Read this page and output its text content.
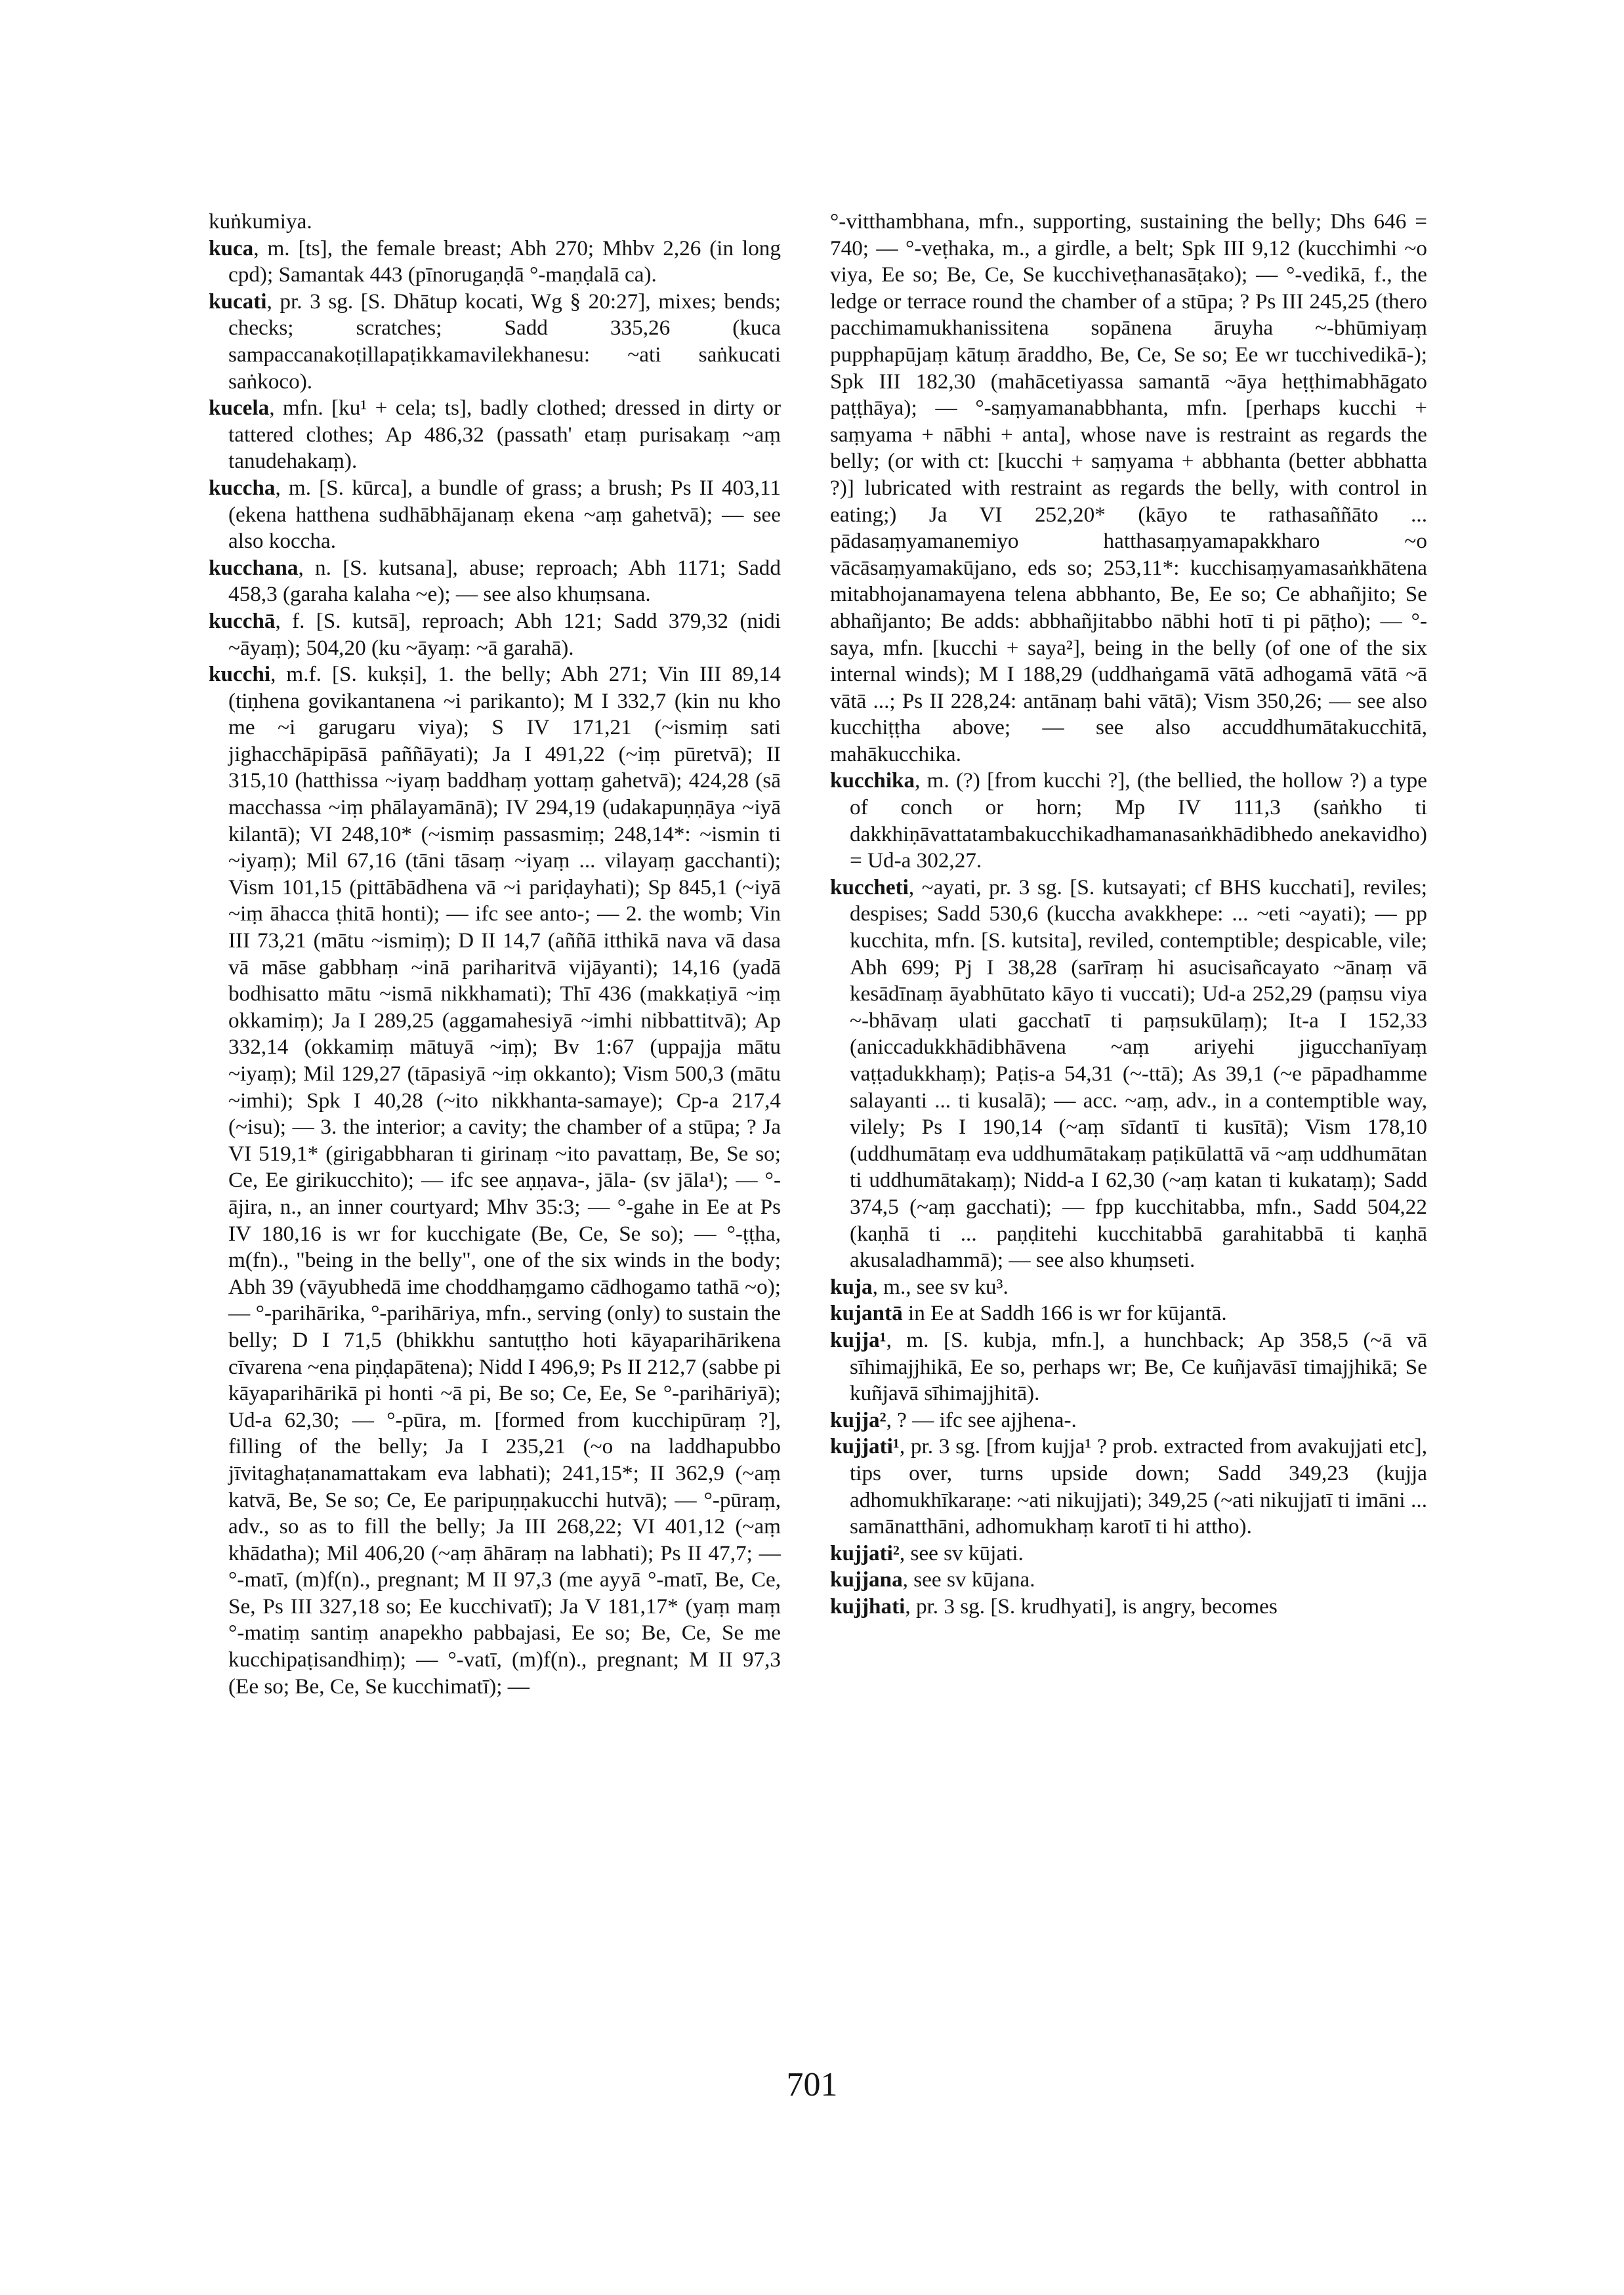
kuṅkumiya.

kuca, m. [ts], the female breast; Abh 270; Mhbv 2,26 (in long cpd); Samantak 443 (pīnorugaṇḍā °-maṇḍalā ca).

kucati, pr. 3 sg. [S. Dhātup kocati, Wg § 20:27], mixes; bends; checks; scratches; Sadd 335,26 (kuca sampaccanakoṭillapaṭikkamavilekhanesu: ~ati saṅkucati saṅkoco).

kucela, mfn. [ku¹ + cela; ts], badly clothed; dressed in dirty or tattered clothes; Ap 486,32 (passath' etaṃ purisakaṃ ~aṃ tanudehakaṃ).

kuccha, m. [S. kūrca], a bundle of grass; a brush; Ps II 403,11 (ekena hatthena sudhābhājanaṃ ekena ~aṃ gahetvā); — see also koccha.

kucchana, n. [S. kutsana], abuse; reproach; Abh 1171; Sadd 458,3 (garaha kalaha ~e); — see also khuṃsana.

kucchā, f. [S. kutsā], reproach; Abh 121; Sadd 379,32 (nidi ~āyaṃ); 504,20 (ku ~āyaṃ: ~ā garahā).

kucchi, m.f. [S. kukṣi], 1. the belly; Abh 271; Vin III 89,14 (tiṇhena govikantanena ~i parikanto); M I 332,7 (kin nu kho me ~i garugaru viya); S IV 171,21 (~ismiṃ sati jighacchāpipāsā paññāyati); Ja I 491,22 (~iṃ pūretvā); II 315,10 (hatthissa ~iyaṃ baddhaṃ yottaṃ gahetvā); 424,28 (sā macchassa ~iṃ phālayamānā); IV 294,19 (udakapuṇṇāya ~iyā kilantā); VI 248,10* (~ismiṃ passasmiṃ; 248,14*: ~ismin ti ~iyaṃ); Mil 67,16 (tāni tāsaṃ ~iyaṃ ... vilayaṃ gacchanti); Vism 101,15 (pittābādhena vā ~i pariḍayhati); Sp 845,1 (~iyā ~iṃ āhacca ṭhitā honti); — ifc see anto-; — 2. the womb; Vin III 73,21 (mātu ~ismiṃ); D II 14,7 (aññā itthikā nava vā dasa vā māse gabbhaṃ ~inā pariharitvā vijāyanti); 14,16 (yadā bodhisatto mātu ~ismā nikkhamati); Thī 436 (makkaṭiyā ~iṃ okkamiṃ); Ja I 289,25 (aggamahesiyā ~imhi nibbattitvā); Ap 332,14 (okkamiṃ mātuyā ~iṃ); Bv 1:67 (uppajja mātu ~iyaṃ); Mil 129,27 (tāpasiyā ~iṃ okkanto); Vism 500,3 (mātu ~imhi); Spk I 40,28 (~ito nikkhanta-samaye); Cp-a 217,4 (~isu); — 3. the interior; a cavity; the chamber of a stūpa; ? Ja VI 519,1* (girigabbharan ti girinaṃ ~ito pavattaṃ, Be, Se so; Ce, Ee girikucchito); — ifc see aṇṇava-, jāla- (sv jāla¹); — °-ājira, n., an inner courtyard; Mhv 35:3; — °-gahe in Ee at Ps IV 180,16 is wr for kucchigate (Be, Ce, Se so); — °-ṭṭha, m(fn)., "being in the belly", one of the six winds in the body; Abh 39 (vāyubhedā ime choddhaṃgamo cādhogamo tathā ~o); — °-parihārika, °-parihāriya, mfn., serving (only) to sustain the belly; D I 71,5 (bhikkhu santuṭṭho hoti kāyaparihārikena cīvarena ~ena piṇḍapātena); Nidd I 496,9; Ps II 212,7 (sabbe pi kāyaparihārikā pi honti ~ā pi, Be so; Ce, Ee, Se °-parihāriyā); Ud-a 62,30; — °-pūra, m. [formed from kucchipūraṃ ?], filling of the belly; Ja I 235,21 (~o na laddhapubbo jīvitaghaṭanamattakam eva labhati); 241,15*; II 362,9 (~aṃ katvā, Be, Se so; Ce, Ee paripuṇṇakucchi hutvā); — °-pūraṃ, adv., so as to fill the belly; Ja III 268,22; VI 401,12 (~aṃ khādatha); Mil 406,20 (~aṃ āhāraṃ na labhati); Ps II 47,7; — °-matī, (m)f(n)., pregnant; M II 97,3 (me ayyā °-matī, Be, Ce, Se, Ps III 327,18 so; Ee kucchivatī); Ja V 181,17* (yaṃ maṃ °-matiṃ santiṃ anapekho pabbajasi, Ee so; Be, Ce, Se me kucchipaṭisandhiṃ); — °-vatī, (m)f(n)., pregnant; M II 97,3 (Ee so; Be, Ce, Se kucchimatī); —

°-vitthambhana, mfn., supporting, sustaining the belly; Dhs 646 = 740; — °-veṭhaka, m., a girdle, a belt; Spk III 9,12 (kucchimhi ~o viya, Ee so; Be, Ce, Se kucchiveṭhanasāṭako); — °-vedikā, f., the ledge or terrace round the chamber of a stūpa; ? Ps III 245,25 (thero pacchimamukhanissitena sopānena āruyha ~-bhūmiyaṃ pupphapūjaṃ kātuṃ āraddho, Be, Ce, Se so; Ee wr tucchivedikā-); Spk III 182,30 (mahācetiyassa samantā ~āya heṭṭhimabhāgato paṭṭhāya); — °-saṃyamanabbhanta, mfn. [perhaps kucchi + saṃyama + nābhi + anta], whose nave is restraint as regards the belly; (or with ct: [kucchi + saṃyama + abbhanta (better abbhatta ?)] lubricated with restraint as regards the belly, with control in eating;) Ja VI 252,20* (kāyo te rathasaññāto ... pādasaṃyamanemiyo hatthasaṃyamapakkharo ~o vācāsaṃyamakūjano, eds so; 253,11*: kucchisaṃyamasaṅkhātena mitabhojanamayena telena abbhanto, Be, Ee so; Ce abhañjito; Se abhañjanto; Be adds: abbhañjitabbo nābhi hotī ti pi pāṭho); — °-saya, mfn. [kucchi + saya²], being in the belly (of one of the six internal winds); M I 188,29 (uddhaṅgamā vātā adhogamā vātā ~ā vātā ...; Ps II 228,24: antānaṃ bahi vātā); Vism 350,26; — see also kucchiṭṭha above; — see also accuddhumātakucchitā, mahākucchika.

kucchika, m. (?) [from kucchi ?], (the bellied, the hollow ?) a type of conch or horn; Mp IV 111,3 (saṅkho ti dakkhiṇāvattatambakucchikadhamanasaṅkhādibhedo anekavidho) = Ud-a 302,27.

kuccheti, ~ayati, pr. 3 sg. [S. kutsayati; cf BHS kucchati], reviles; despises; Sadd 530,6 (kuccha avakkhepe: ... ~eti ~ayati); — pp kucchita, mfn. [S. kutsita], reviled, contemptible; despicable, vile; Abh 699; Pj I 38,28 (sarīraṃ hi asucisañcayato ~ānaṃ vā kesādīnaṃ āyabhūtato kāyo ti vuccati); Ud-a 252,29 (paṃsu viya ~-bhāvaṃ ulati gacchatī ti paṃsukūlaṃ); It-a I 152,33 (aniccadukkhādibhāvena ~aṃ ariyehi jigucchanīyaṃ vaṭṭadukkhaṃ); Paṭis-a 54,31 (~-ttā); As 39,1 (~e pāpadhamme salayanti ... ti kusalā); — acc. ~aṃ, adv., in a contemptible way, vilely; Ps I 190,14 (~aṃ sīdantī ti kusītā); Vism 178,10 (uddhumātaṃ eva uddhumātakaṃ paṭikūlattā vā ~aṃ uddhumātan ti uddhumātakaṃ); Nidd-a I 62,30 (~aṃ katan ti kukataṃ); Sadd 374,5 (~aṃ gacchati); — fpp kucchitabba, mfn., Sadd 504,22 (kaṇhā ti ... paṇḍitehi kucchitabbā garahitabbā ti kaṇhā akusaladhammā); — see also khuṃseti.

kuja, m., see sv ku³.

kujantā in Ee at Saddh 166 is wr for kūjantā.

kujja¹, m. [S. kubja, mfn.], a hunchback; Ap 358,5 (~ā vā sīhimajjhikā, Ee so, perhaps wr; Be, Ce kuñjavāsī timajjhikā; Se kuñjavā sīhimajjhitā).

kujja², ? — ifc see ajjhena-.

kujjati¹, pr. 3 sg. [from kujja¹ ? prob. extracted from avakujjati etc], tips over, turns upside down; Sadd 349,23 (kujja adhomukhīkaraṇe: ~ati nikujjati); 349,25 (~ati nikujjatī ti imāni ... samānatthāni, adhomukhaṃ karotī ti hi attho).

kujjati², see sv kūjati.

kujjana, see sv kūjana.

kujjhati, pr. 3 sg. [S. krudhyati], is angry, becomes

701
